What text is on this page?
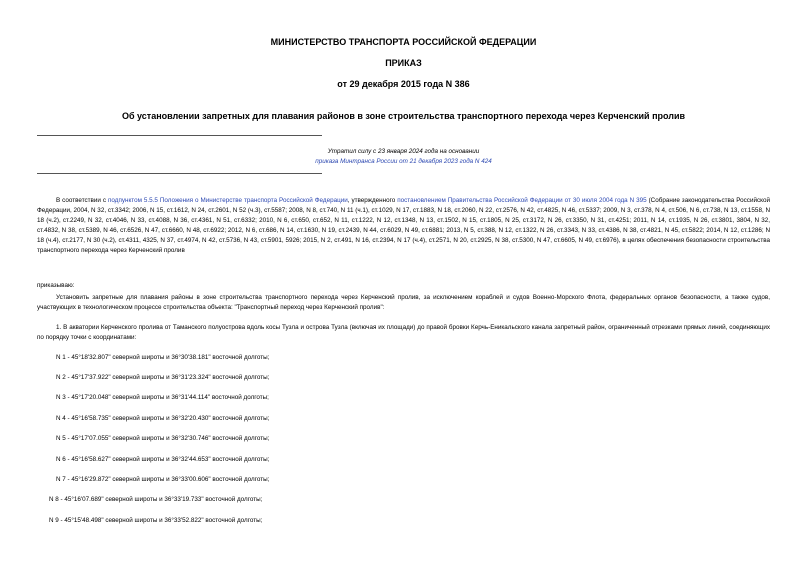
МИНИСТЕРСТВО ТРАНСПОРТА РОССИЙСКОЙ ФЕДЕРАЦИИ
ПРИКАЗ
от 29 декабря 2015 года N 386
Об установлении запретных для плавания районов в зоне строительства транспортного перехода через Керченский пролив
Утратил силу с 23 января 2024 года на основании
приказа Минтранса России от 21 декабря 2023 года N 424

В соответствии с подпунктом 5.5.5 Положения о Министерстве транспорта Российской Федерации, утвержденного постановлением Правительства Российской Федерации от 30 июля 2004 года N 395 (Собрание законодательства Российской Федерации, 2004, N 32, ст.3342; 2006, N 15, ст.1612, N 24, ст.2601, N 52 (ч.3), ст.5587; 2008, N 8, ст.740, N 11 (ч.1), ст.1029, N 17, ст.1883, N 18, ст.2060, N 22, ст.2576, N 42, ст.4825, N 46, ст.5337; 2009, N 3, ст.378, N 4, ст.506, N 6, ст.738, N 13, ст.1558, N 18 (ч.2), ст.2249, N 32, ст.4046, N 33, ст.4088, N 36, ст.4361, N 51, ст.6332; 2010, N 6, ст.650, ст.652, N 11, ст.1222, N 12, ст.1348, N 13, ст.1502, N 15, ст.1805, N 25, ст.3172, N 26, ст.3350, N 31, ст.4251; 2011, N 14, ст.1935, N 26, ст.3801, 3804, N 32, ст.4832, N 38, ст.5389, N 46, ст.6526, N 47, ст.6660, N 48, ст.6922; 2012, N 6, ст.686, N 14, ст.1630, N 19, ст.2439, N 44, ст.6029, N 49, ст.6881; 2013, N 5, ст.388, N 12, ст.1322, N 26, ст.3343, N 33, ст.4386, N 38, ст.4821, N 45, ст.5822; 2014, N 12, ст.1286; N 18 (ч.4), ст.2177, N 30 (ч.2), ст.4311, 4325, N 37, ст.4974, N 42, ст.5736, N 43, ст.5901, 5926; 2015, N 2, ст.491, N 16, ст.2394, N 17 (ч.4), ст.2571, N 20, ст.2925, N 38, ст.5300, N 47, ст.6605, N 49, ст.6976), в целях обеспечения безопасности строительства транспортного перехода через Керченский пролив

приказываю:

Установить запретные для плавания районы в зоне строительства транспортного перехода через Керченский пролив, за исключением кораблей и судов Военно-Морского Флота, федеральных органов безопасности, а также судов, участвующих в технологическом процессе строительства объекта: "Транспортный переход через Керченский пролив":

1. В акватории Керченского пролива от Таманского полуострова вдоль косы Тузла и острова Тузла (включая их площади) до правой бровки Керчь-Еникальского канала запретный район, ограниченный отрезками прямых линий, соединяющих по порядку точки с координатами:

N 1 - 45°18'32.807" северной широты и 36°30'38.181" восточной долготы;
N 2 - 45°17'37.922" северной широты и 36°31'23.324" восточной долготы;
N 3 - 45°17'20.048" северной широты и 36°31'44.114" восточной долготы;
N 4 - 45°16'58.735" северной широты и 36°32'20.430" восточной долготы;
N 5 - 45°17'07.055" северной широты и 36°32'30.746" восточной долготы;
N 6 - 45°16'58.627" северной широты и 36°32'44.653" восточной долготы;
N 7 - 45°16'29.872" северной широты и 36°33'00.606" восточной долготы;
N 8 - 45°16'07.689" северной широты и 36°33'19.733" восточной долготы;
N 9 - 45°15'48.498" северной широты и 36°33'52.822" восточной долготы;
